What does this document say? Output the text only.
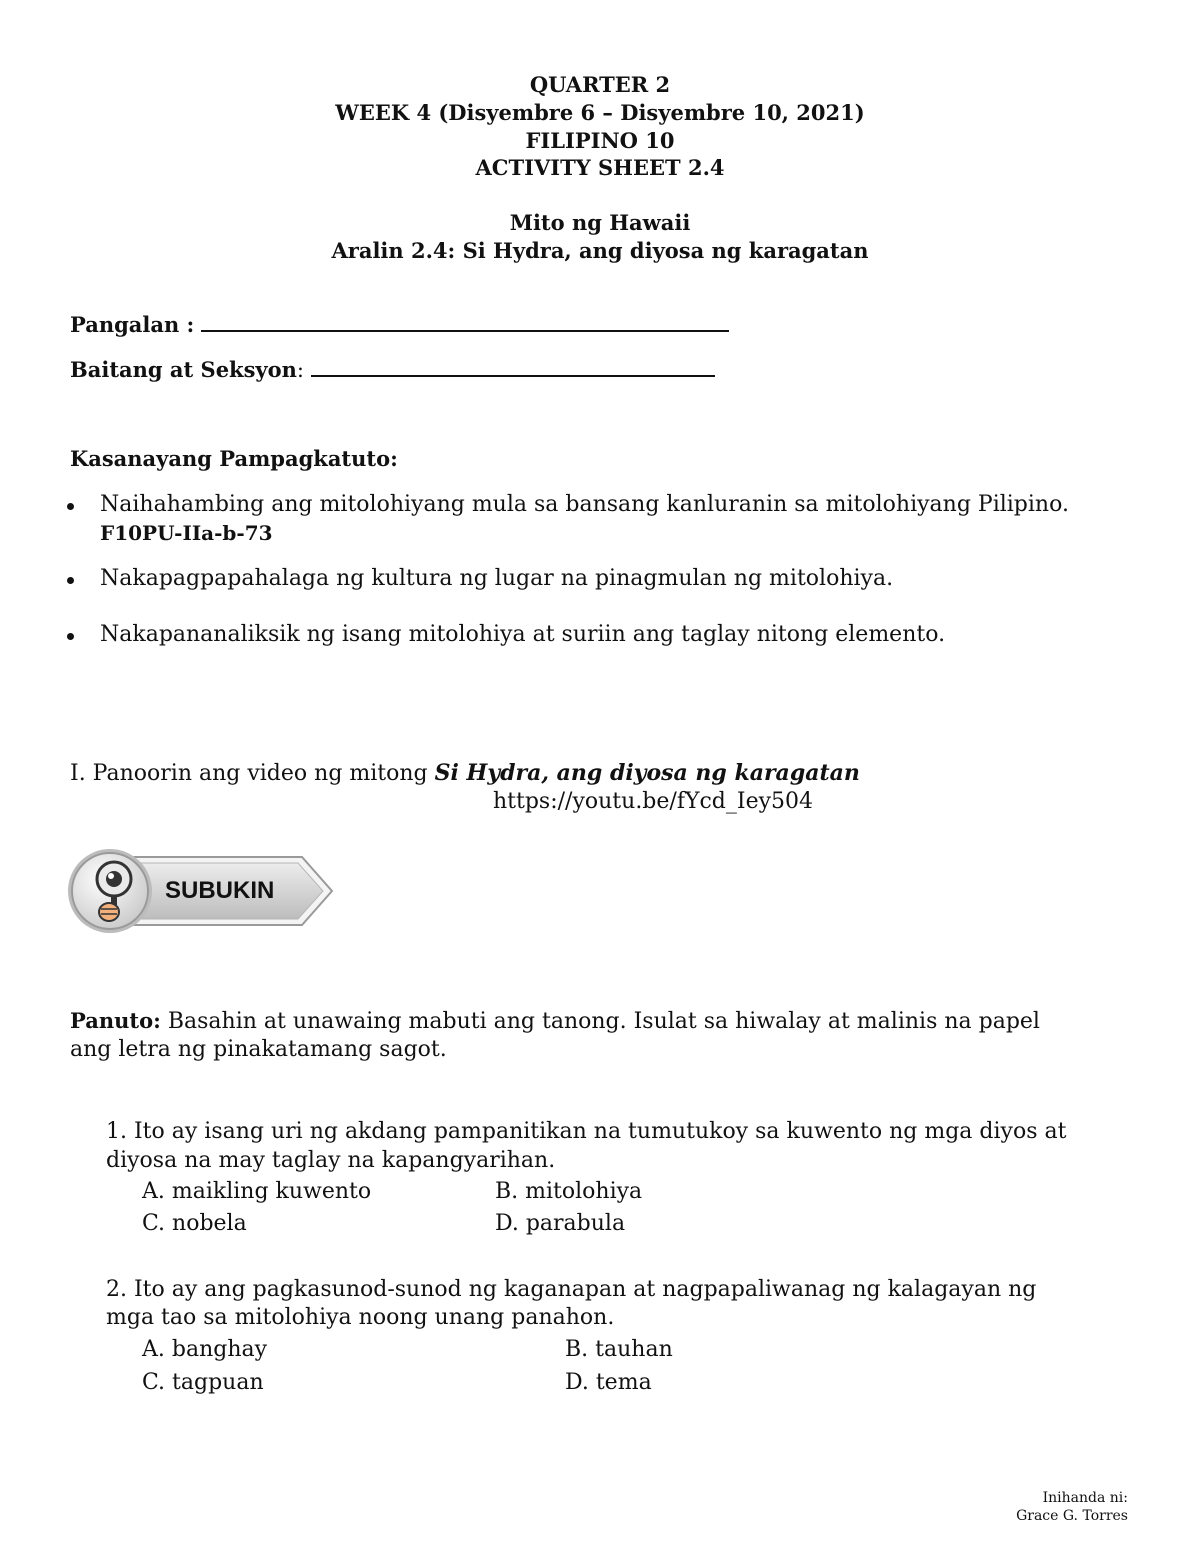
QUARTER 2
WEEK 4 (Disyembre 6 – Disyembre 10, 2021)
FILIPINO 10
ACTIVITY SHEET 2.4
Mito ng Hawaii
Aralin 2.4: Si Hydra, ang diyosa ng karagatan
Pangalan :
Baitang at Seksyon:
Kasanayang Pampagkatuto:
Naihahambing ang mitolohiyang mula sa bansang kanluranin sa mitolohiyang Pilipino.
F10PU-IIa-b-73
Nakapagpapahalaga ng kultura ng lugar na pinagmulan ng mitolohiya.
Nakapananaliksik ng isang mitolohiya at suriin ang taglay nitong elemento.
I. Panoorin ang video ng mitong Si Hydra, ang diyosa ng karagatan
https://youtu.be/fYcd_Iey504
SUBUKIN
Panuto: Basahin at unawaing mabuti ang tanong. Isulat sa hiwalay at malinis na papel
ang letra ng pinakatamang sagot.
1. Ito ay isang uri ng akdang pampanitikan na tumutukoy sa kuwento ng mga diyos at
diyosa na may taglay na kapangyarihan.
A. maikling kuwento	B. mitolohiya
C. nobela	D. parabula
2. Ito ay ang pagkasunod-sunod ng kaganapan at nagpapaliwanag ng kalagayan ng
mga tao sa mitolohiya noong unang panahon.
A. banghay	B. tauhan
C. tagpuan	D. tema
Inihanda ni:
Grace G. Torres
